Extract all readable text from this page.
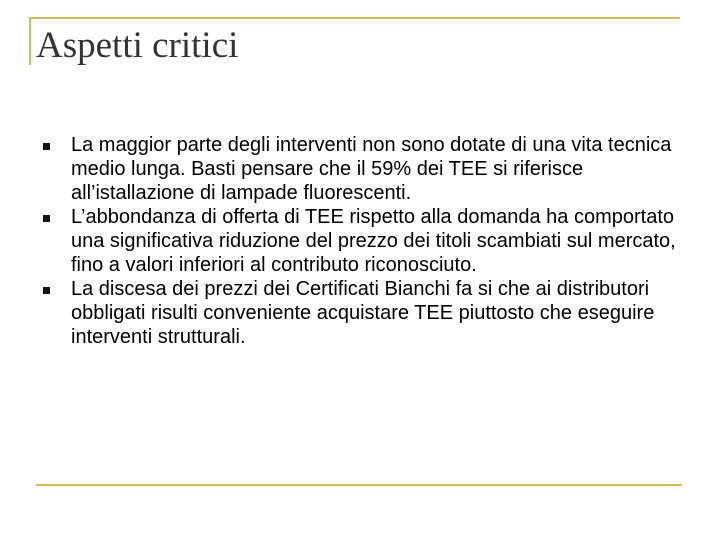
Aspetti critici
La maggior parte degli interventi non sono dotate di una vita tecnica medio lunga. Basti pensare che il 59% dei TEE si riferisce all’istallazione di lampade fluorescenti.
L’abbondanza di offerta di TEE rispetto alla domanda ha comportato una significativa riduzione del prezzo dei titoli scambiati sul mercato, fino a valori inferiori al contributo riconosciuto.
La discesa dei prezzi dei Certificati Bianchi fa si che ai distributori obbligati risulti conveniente acquistare TEE piuttosto che eseguire interventi strutturali.
